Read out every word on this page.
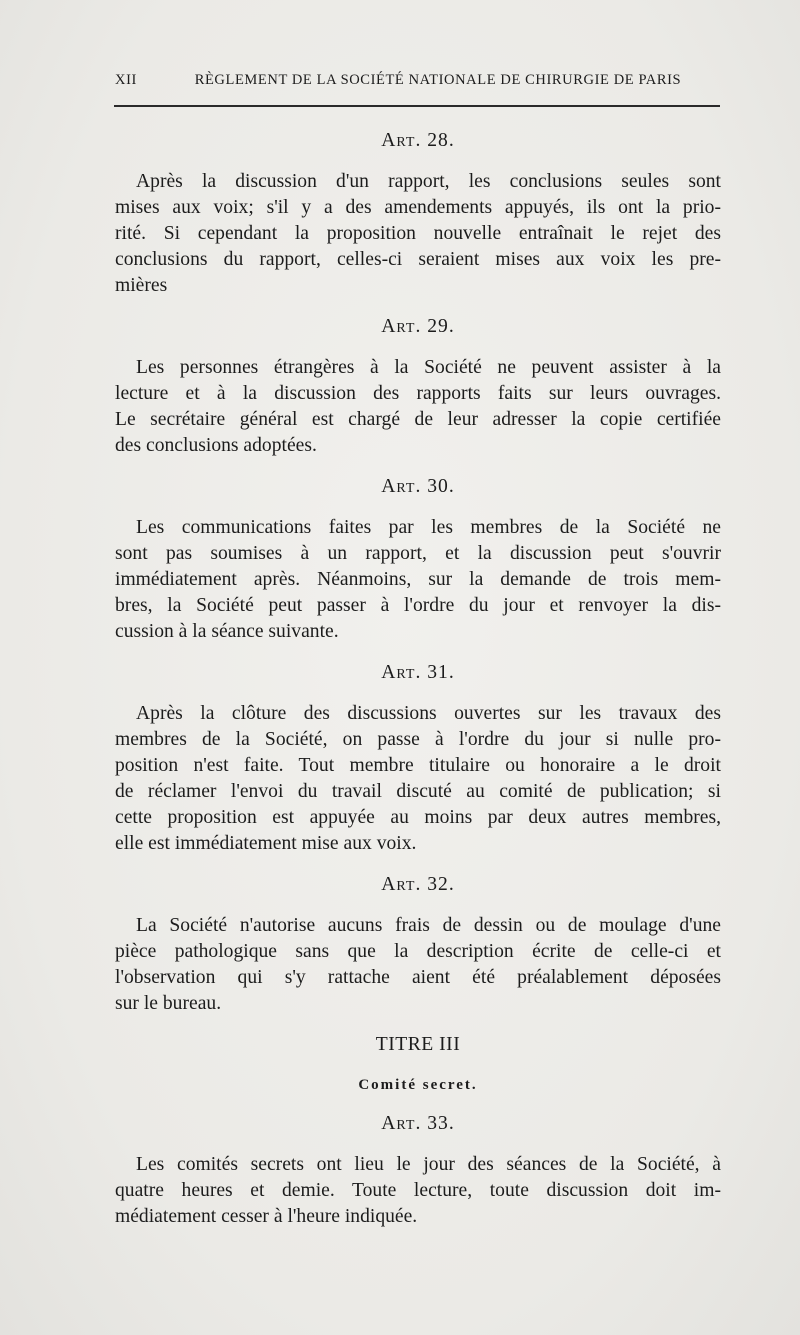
XII	RÈGLEMENT DE LA SOCIÉTÉ NATIONALE DE CHIRURGIE DE PARIS
Art. 28.
Après la discussion d'un rapport, les conclusions seules sont
mises aux voix; s'il y a des amendements appuyés, ils ont la prio-
rité. Si cependant la proposition nouvelle entraînait le rejet des
conclusions du rapport, celles-ci seraient mises aux voix les pre-
mières
Art. 29.
Les personnes étrangères à la Société ne peuvent assister à la
lecture et à la discussion des rapports faits sur leurs ouvrages.
Le secrétaire général est chargé de leur adresser la copie certifiée
des conclusions adoptées.
Art. 30.
Les communications faites par les membres de la Société ne
sont pas soumises à un rapport, et la discussion peut s'ouvrir
immédiatement après. Néanmoins, sur la demande de trois mem-
bres, la Société peut passer à l'ordre du jour et renvoyer la dis-
cussion à la séance suivante.
Art. 31.
Après la clôture des discussions ouvertes sur les travaux des
membres de la Société, on passe à l'ordre du jour si nulle pro-
position n'est faite. Tout membre titulaire ou honoraire a le droit
de réclamer l'envoi du travail discuté au comité de publication; si
cette proposition est appuyée au moins par deux autres membres,
elle est immédiatement mise aux voix.
Art. 32.
La Société n'autorise aucuns frais de dessin ou de moulage d'une
pièce pathologique sans que la description écrite de celle-ci et
l'observation qui s'y rattache aient été préalablement déposées
sur le bureau.
TITRE III
Comité secret.
Art. 33.
Les comités secrets ont lieu le jour des séances de la Société, à
quatre heures et demie. Toute lecture, toute discussion doit im-
médiatement cesser à l'heure indiquée.
